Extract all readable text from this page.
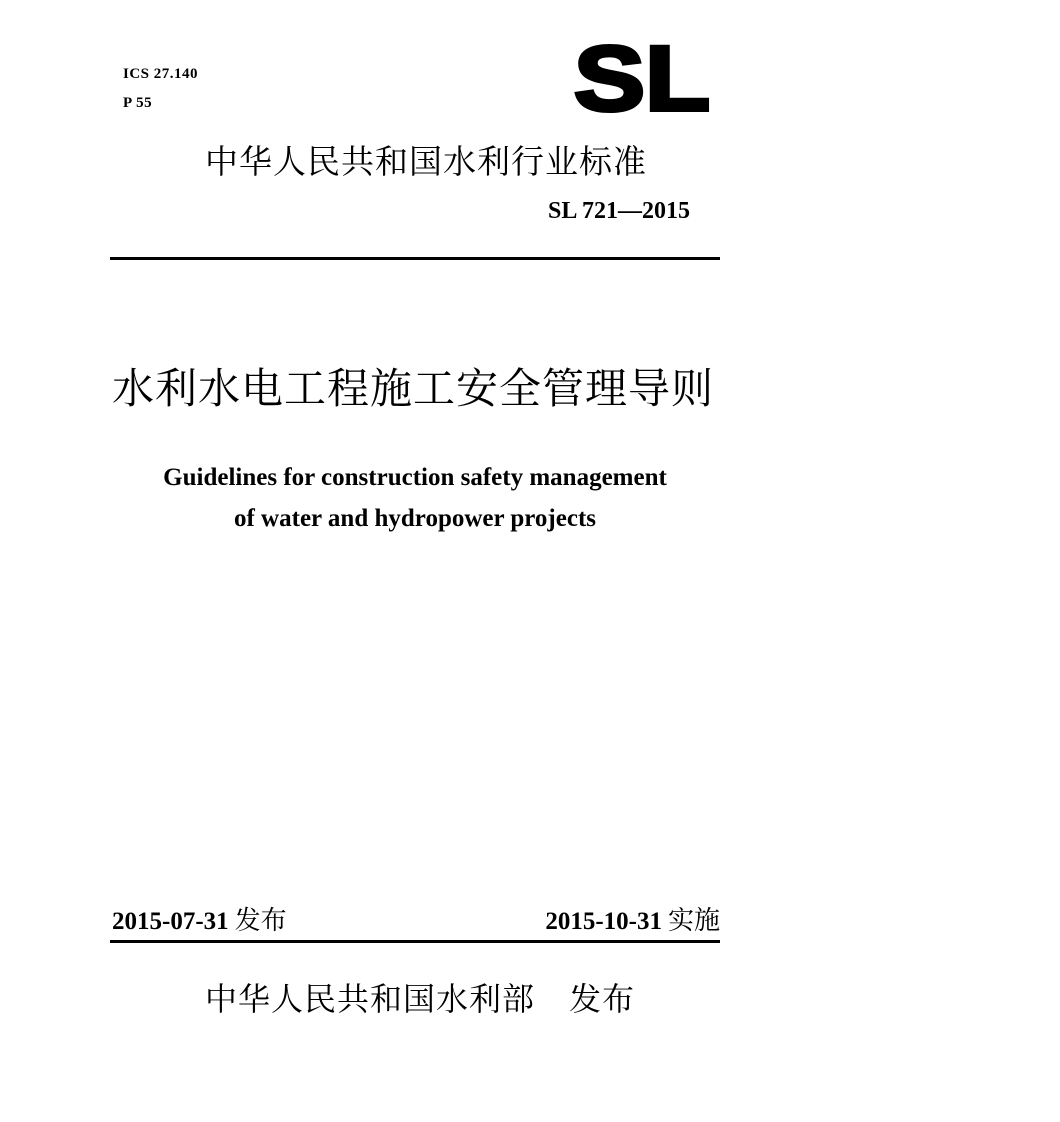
ICS 27.140
P 55	SL
中华人民共和国水利行业标准
SL 721—2015
水利水电工程施工安全管理导则
Guidelines for construction safety management
of water and hydropower projects
2015-07-31 发布	2015-10-31 实施
中华人民共和国水利部 发布
